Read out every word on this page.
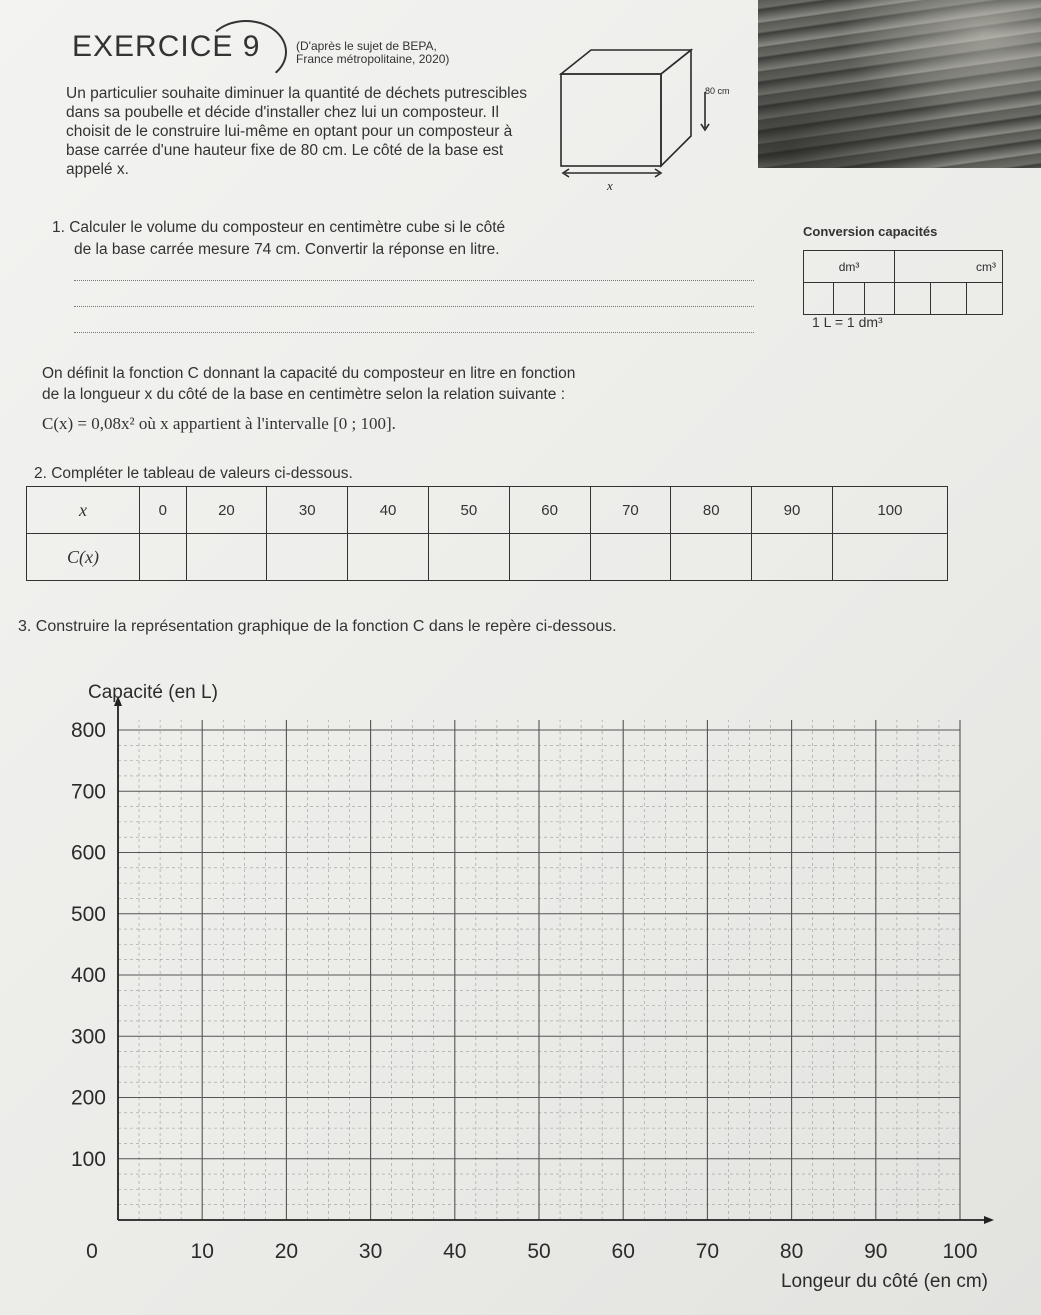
EXERCICE 9	(D'après le sujet de BEPA,
France métropolitaine, 2020)
Un particulier souhaite diminuer la quantité de déchets putrescibles dans sa poubelle et décide d'installer chez lui un composteur. Il choisit de le construire lui-même en optant pour un composteur à base carrée d'une hauteur fixe de 80 cm. Le côté de la base est appelé x.
80 cm
x
1. Calculer le volume du composteur en centimètre cube si le côté
de la base carrée mesure 74 cm. Convertir la réponse en litre.
Conversion capacités
dm³			cm³		

1 L = 1 dm³
On définit la fonction C donnant la capacité du composteur en litre en fonction
de la longueur x du côté de la base en centimètre selon la relation suivante :
C(x) = 0,08x² où x appartient à l'intervalle [0 ; 100].
2. Compléter le tableau de valeurs ci-dessous.
x	0	20	30	40	50	60	70	80	90	100
C(x)										
3. Construire la représentation graphique de la fonction C dans le repère ci-dessous.
0	10	20	30	40	50	60	70	80	90	100
100
200
300
400
500
600
700
800
Capacité (en L)
Longeur du côté (en cm)
